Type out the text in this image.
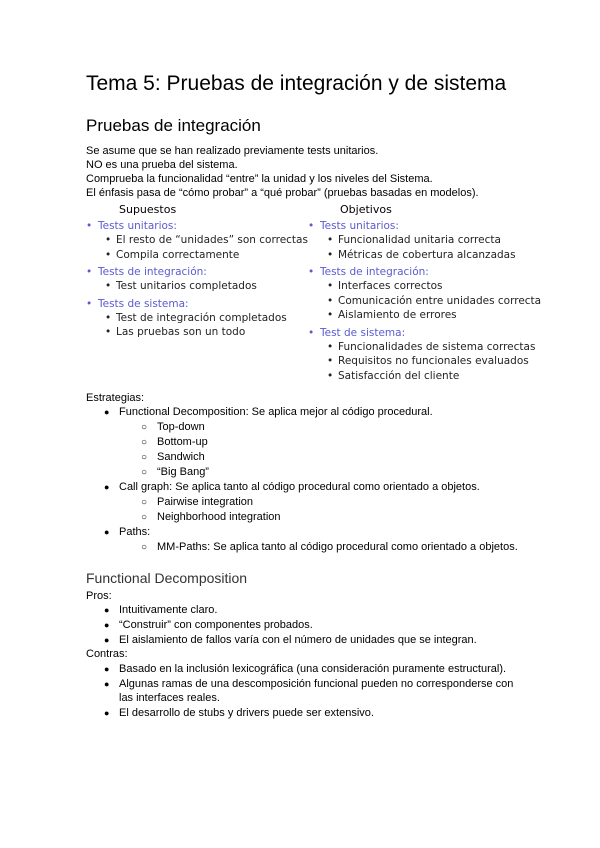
Tema 5: Pruebas de integración y de sistema
Pruebas de integración
Se asume que se han realizado previamente tests unitarios.
NO es una prueba del sistema.
Comprueba la funcionalidad “entre” la unidad y los niveles del Sistema.
El énfasis pasa de “cómo probar” a “qué probar” (pruebas basadas en modelos).
Supuestos
• Tests unitarios:
• El resto de “unidades” son correctas
• Compila correctamente
• Tests de integración:
• Test unitarios completados
• Tests de sistema:
• Test de integración completados
• Las pruebas son un todo
Objetivos
• Tests unitarios:
• Funcionalidad unitaria correcta
• Métricas de cobertura alcanzadas
• Tests de integración:
• Interfaces correctos
• Comunicación entre unidades correcta
• Aislamiento de errores
• Test de sistema:
• Funcionalidades de sistema correctas
• Requisitos no funcionales evaluados
• Satisfacción del cliente
Estrategias:
● Functional Decomposition: Se aplica mejor al código procedural.
○ Top-down
○ Bottom-up
○ Sandwich
○ “Big Bang”
● Call graph: Se aplica tanto al código procedural como orientado a objetos.
○ Pairwise integration
○ Neighborhood integration
● Paths:
○ MM-Paths: Se aplica tanto al código procedural como orientado a objetos.
Functional Decomposition
Pros:
● Intuitivamente claro.
● “Construir” con componentes probados.
● El aislamiento de fallos varía con el número de unidades que se integran.
Contras:
● Basado en la inclusión lexicográfica (una consideración puramente estructural).
● Algunas ramas de una descomposición funcional pueden no corresponderse con
las interfaces reales.
● El desarrollo de stubs y drivers puede ser extensivo.
